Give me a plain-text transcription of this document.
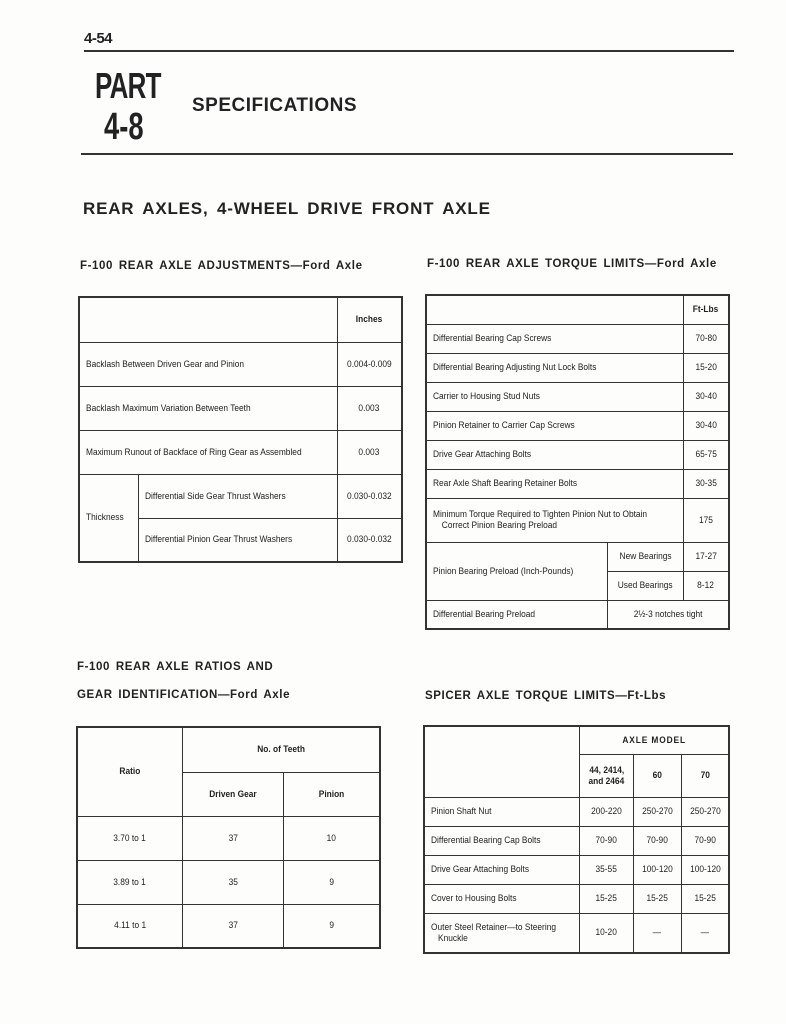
4-54
PART
4-8
SPECIFICATIONS
REAR AXLES, 4-WHEEL DRIVE FRONT AXLE
F-100 REAR AXLE ADJUSTMENTS—Ford Axle	F-100 REAR AXLE TORQUE LIMITS—Ford Axle
F-100 REAR AXLE RATIOS AND
GEAR IDENTIFICATION—Ford Axle	SPICER AXLE TORQUE LIMITS—Ft-Lbs
		Inches
Backlash Between Driven Gear and Pinion		0.004-0.009
Backlash Maximum Variation Between Teeth		0.003
Maximum Runout of Backface of Ring Gear as Assembled		0.003
Thickness	Differential Side Gear Thrust Washers	0.030-0.032
	Differential Pinion Gear Thrust Washers	0.030-0.032
		Ft-Lbs
Differential Bearing Cap Screws		70-80
Differential Bearing Adjusting Nut Lock Bolts		15-20
Carrier to Housing Stud Nuts		30-40
Pinion Retainer to Carrier Cap Screws		30-40
Drive Gear Attaching Bolts		65-75
Rear Axle Shaft Bearing Retainer Bolts		30-35
Minimum Torque Required to Tighten Pinion Nut to Obtain
Correct Pinion Bearing Preload		175
Pinion Bearing Preload (Inch-Pounds)	New Bearings	17-27
	Used Bearings	8-12
Differential Bearing Preload	2½-3 notches tight	
Ratio	No. of Teeth	
	Driven Gear	Pinion
3.70 to 1	37	10
3.89 to 1	35	9
4.11 to 1	37	9
	AXLE MODEL		
	44, 2414,
and 2464	60	70
Pinion Shaft Nut	200-220	250-270	250-270
Differential Bearing Cap Bolts	70-90	70-90	70-90
Drive Gear Attaching Bolts	35-55	100-120	100-120
Cover to Housing Bolts	15-25	15-25	15-25
Outer Steel Retainer—to Steering
Knuckle	10-20	—	—
